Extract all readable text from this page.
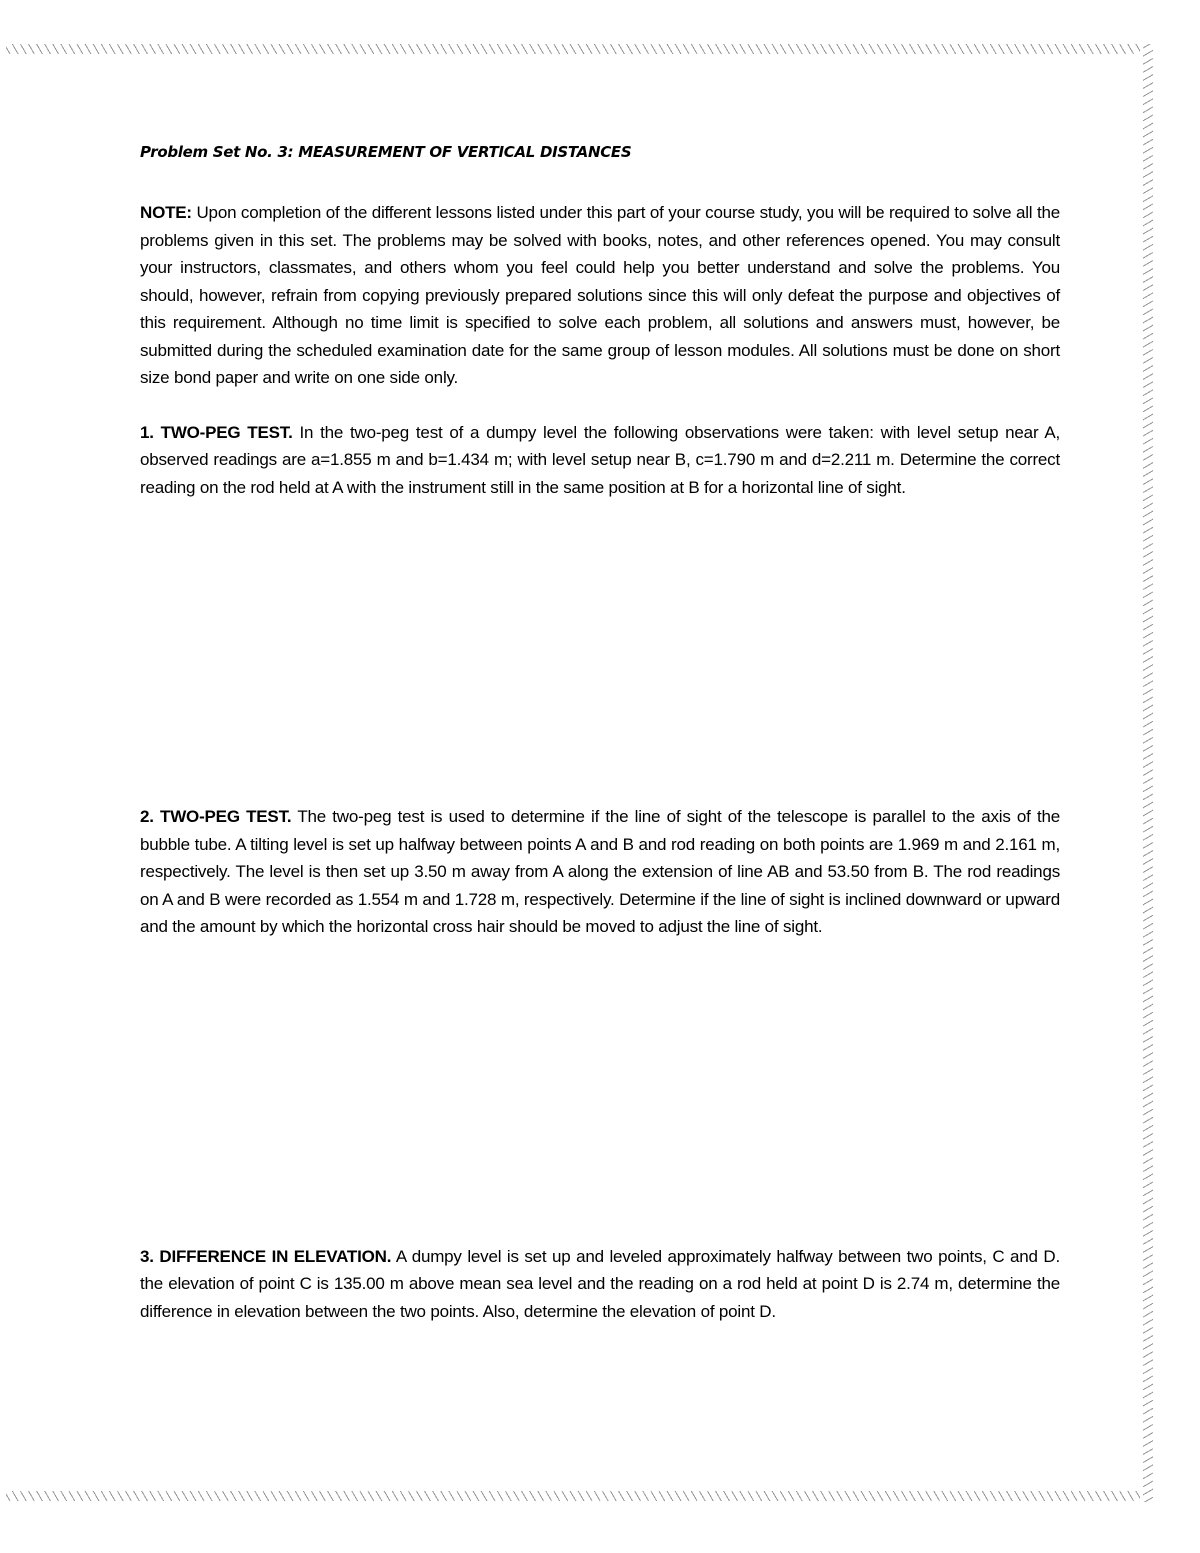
Problem Set No. 3: MEASUREMENT OF VERTICAL DISTANCES

NOTE: Upon completion of the different lessons listed under this part of your course study, you will be required to solve all the problems given in this set. The problems may be solved with books, notes, and other references opened. You may consult your instructors, classmates, and others whom you feel could help you better understand and solve the problems. You should, however, refrain from copying previously prepared solutions since this will only defeat the purpose and objectives of this requirement. Although no time limit is specified to solve each problem, all solutions and answers must, however, be submitted during the scheduled examination date for the same group of lesson modules. All solutions must be done on short size bond paper and write on one side only.

1. TWO-PEG TEST. In the two-peg test of a dumpy level the following observations were taken: with level setup near A, observed readings are a=1.855 m and b=1.434 m; with level setup near B, c=1.790 m and d=2.211 m. Determine the correct reading on the rod held at A with the instrument still in the same position at B for a horizontal line of sight.

2. TWO-PEG TEST. The two-peg test is used to determine if the line of sight of the telescope is parallel to the axis of the bubble tube. A tilting level is set up halfway between points A and B and rod reading on both points are 1.969 m and 2.161 m, respectively. The level is then set up 3.50 m away from A along the extension of line AB and 53.50 from B. The rod readings on A and B were recorded as 1.554 m and 1.728 m, respectively. Determine if the line of sight is inclined downward or upward and the amount by which the horizontal cross hair should be moved to adjust the line of sight.

3. DIFFERENCE IN ELEVATION. A dumpy level is set up and leveled approximately halfway between two points, C and D. the elevation of point C is 135.00 m above mean sea level and the reading on a rod held at point D is 2.74 m, determine the difference in elevation between the two points. Also, determine the elevation of point D.
